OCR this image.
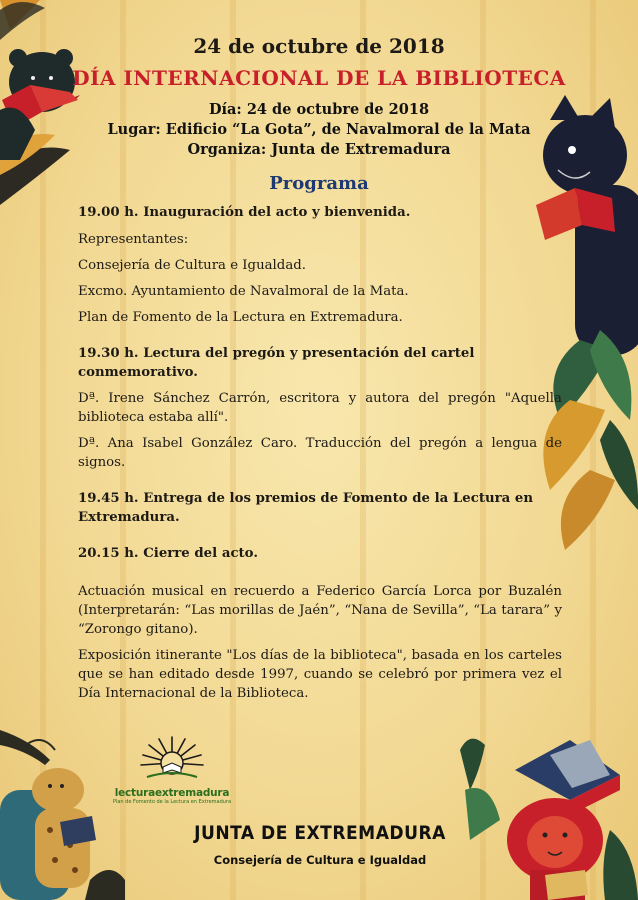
24 de octubre de 2018
DÍA INTERNACIONAL DE LA BIBLIOTECA
Día: 24 de octubre de 2018
Lugar: Edificio “La Gota”, de Navalmoral de la Mata
Organiza: Junta de Extremadura
Programa

19.00 h. Inauguración del acto y bienvenida.

Representantes:

Consejería de Cultura e Igualdad.

Excmo. Ayuntamiento de Navalmoral de la Mata.

Plan de Fomento de la Lectura en Extremadura.

19.30 h. Lectura del pregón y presentación del cartel conmemorativo.

Dª. Irene Sánchez Carrón, escritora y autora del pregón "Aquella biblioteca estaba allí".

Dª. Ana Isabel González Caro. Traducción del pregón a lengua de signos.

19.45 h. Entrega de los premios de Fomento de la Lectura en Extremadura.

20.15 h. Cierre del acto.

Actuación musical en recuerdo a Federico García Lorca por Buzalén (Interpretarán: “Las morillas de Jaén”, “Nana de Sevilla”, “La tarara” y “Zorongo gitano).

Exposición itinerante "Los días de la biblioteca", basada en los carteles que se han editado desde 1997, cuando se celebró por primera vez el Día Internacional de la Biblioteca.

lecturaextremadura
Plan de Fomento de la Lectura en Extremadura
JUNTA DE EXTREMADURA
Consejería de Cultura e Igualdad
